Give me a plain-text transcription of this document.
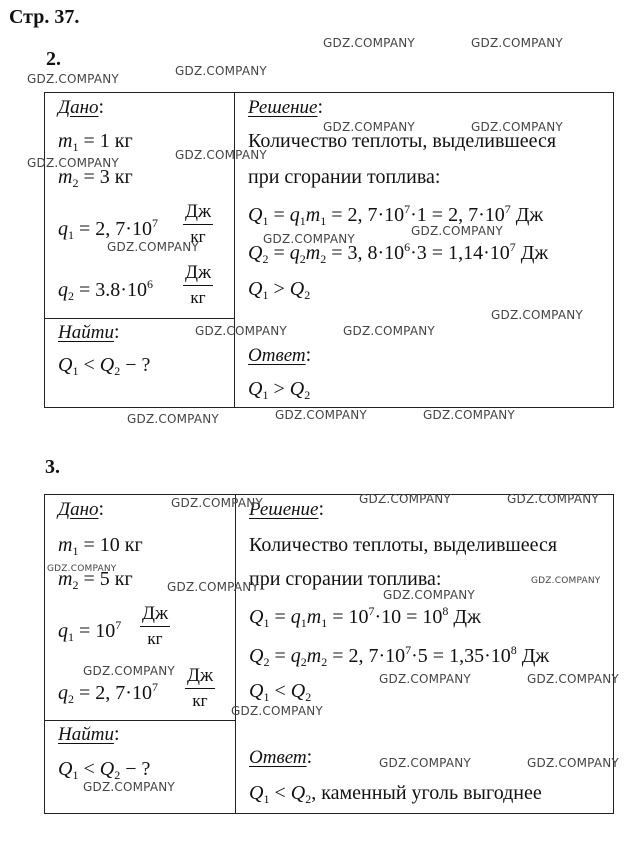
Стр. 37.
2.
Дано:
$m_1 = 1$ кг
$m_2 = 3$ кг
$q_1 = 2$, $7\cdot 10^7$
Дж
кг
$q_2 = 3.8\cdot 10^6$
Дж
кг
Найти:
$Q_1 < Q_2$ − ?
Решение:
Количество теплоты, выделившееся
при сгорании топлива:
$Q_1 = q_1m_1 = 2$, $7\cdot 10^7\cdot 1 = 2$, $7\cdot 10^7$ Дж
$Q_2 = q_2m_2 = 3$, $8\cdot 10^6\cdot 3 = 1,14\cdot 10^7$ Дж
$Q_1 > Q_2$
Ответ:
$Q_1 > Q_2$
3.
Дано:
$m_1 = 10$ кг
$m_2 = 5$ кг
$q_1 = 10^7$
Дж
кг
$q_2 = 2$, $7\cdot 10^7$
Дж
кг
Найти:
$Q_1 < Q_2$ − ?
Решение:
Количество теплоты, выделившееся
при сгорании топлива:
$Q_1 = q_1m_1 = 10^7\cdot 10 = 10^8$ Дж
$Q_2 = q_2m_2 = 2$, $7\cdot 10^7\cdot 5 = 1,35\cdot 10^8$ Дж
$Q_1 < Q_2$
Ответ:
$Q_1 < Q_2$, каменный уголь выгоднее
GDZ.COMPANY	GDZ.COMPANY
GDZ.COMPANY
GDZ.COMPANY
GDZ.COMPANY	GDZ.COMPANY
GDZ.COMPANY
GDZ.COMPANY
GDZ.COMPANY
GDZ.COMPANY
GDZ.COMPANY
GDZ.COMPANY
GDZ.COMPANY	GDZ.COMPANY
GDZ.COMPANY	GDZ.COMPANY	GDZ.COMPANY
GDZ.COMPANY	GDZ.COMPANY	GDZ.COMPANY
GDZ.COMPANY
GDZ.COMPANY
GDZ.COMPANY
GDZ.COMPANY
GDZ.COMPANY
GDZ.COMPANY	GDZ.COMPANY
GDZ.COMPANY
GDZ.COMPANY	GDZ.COMPANY
GDZ.COMPANY
